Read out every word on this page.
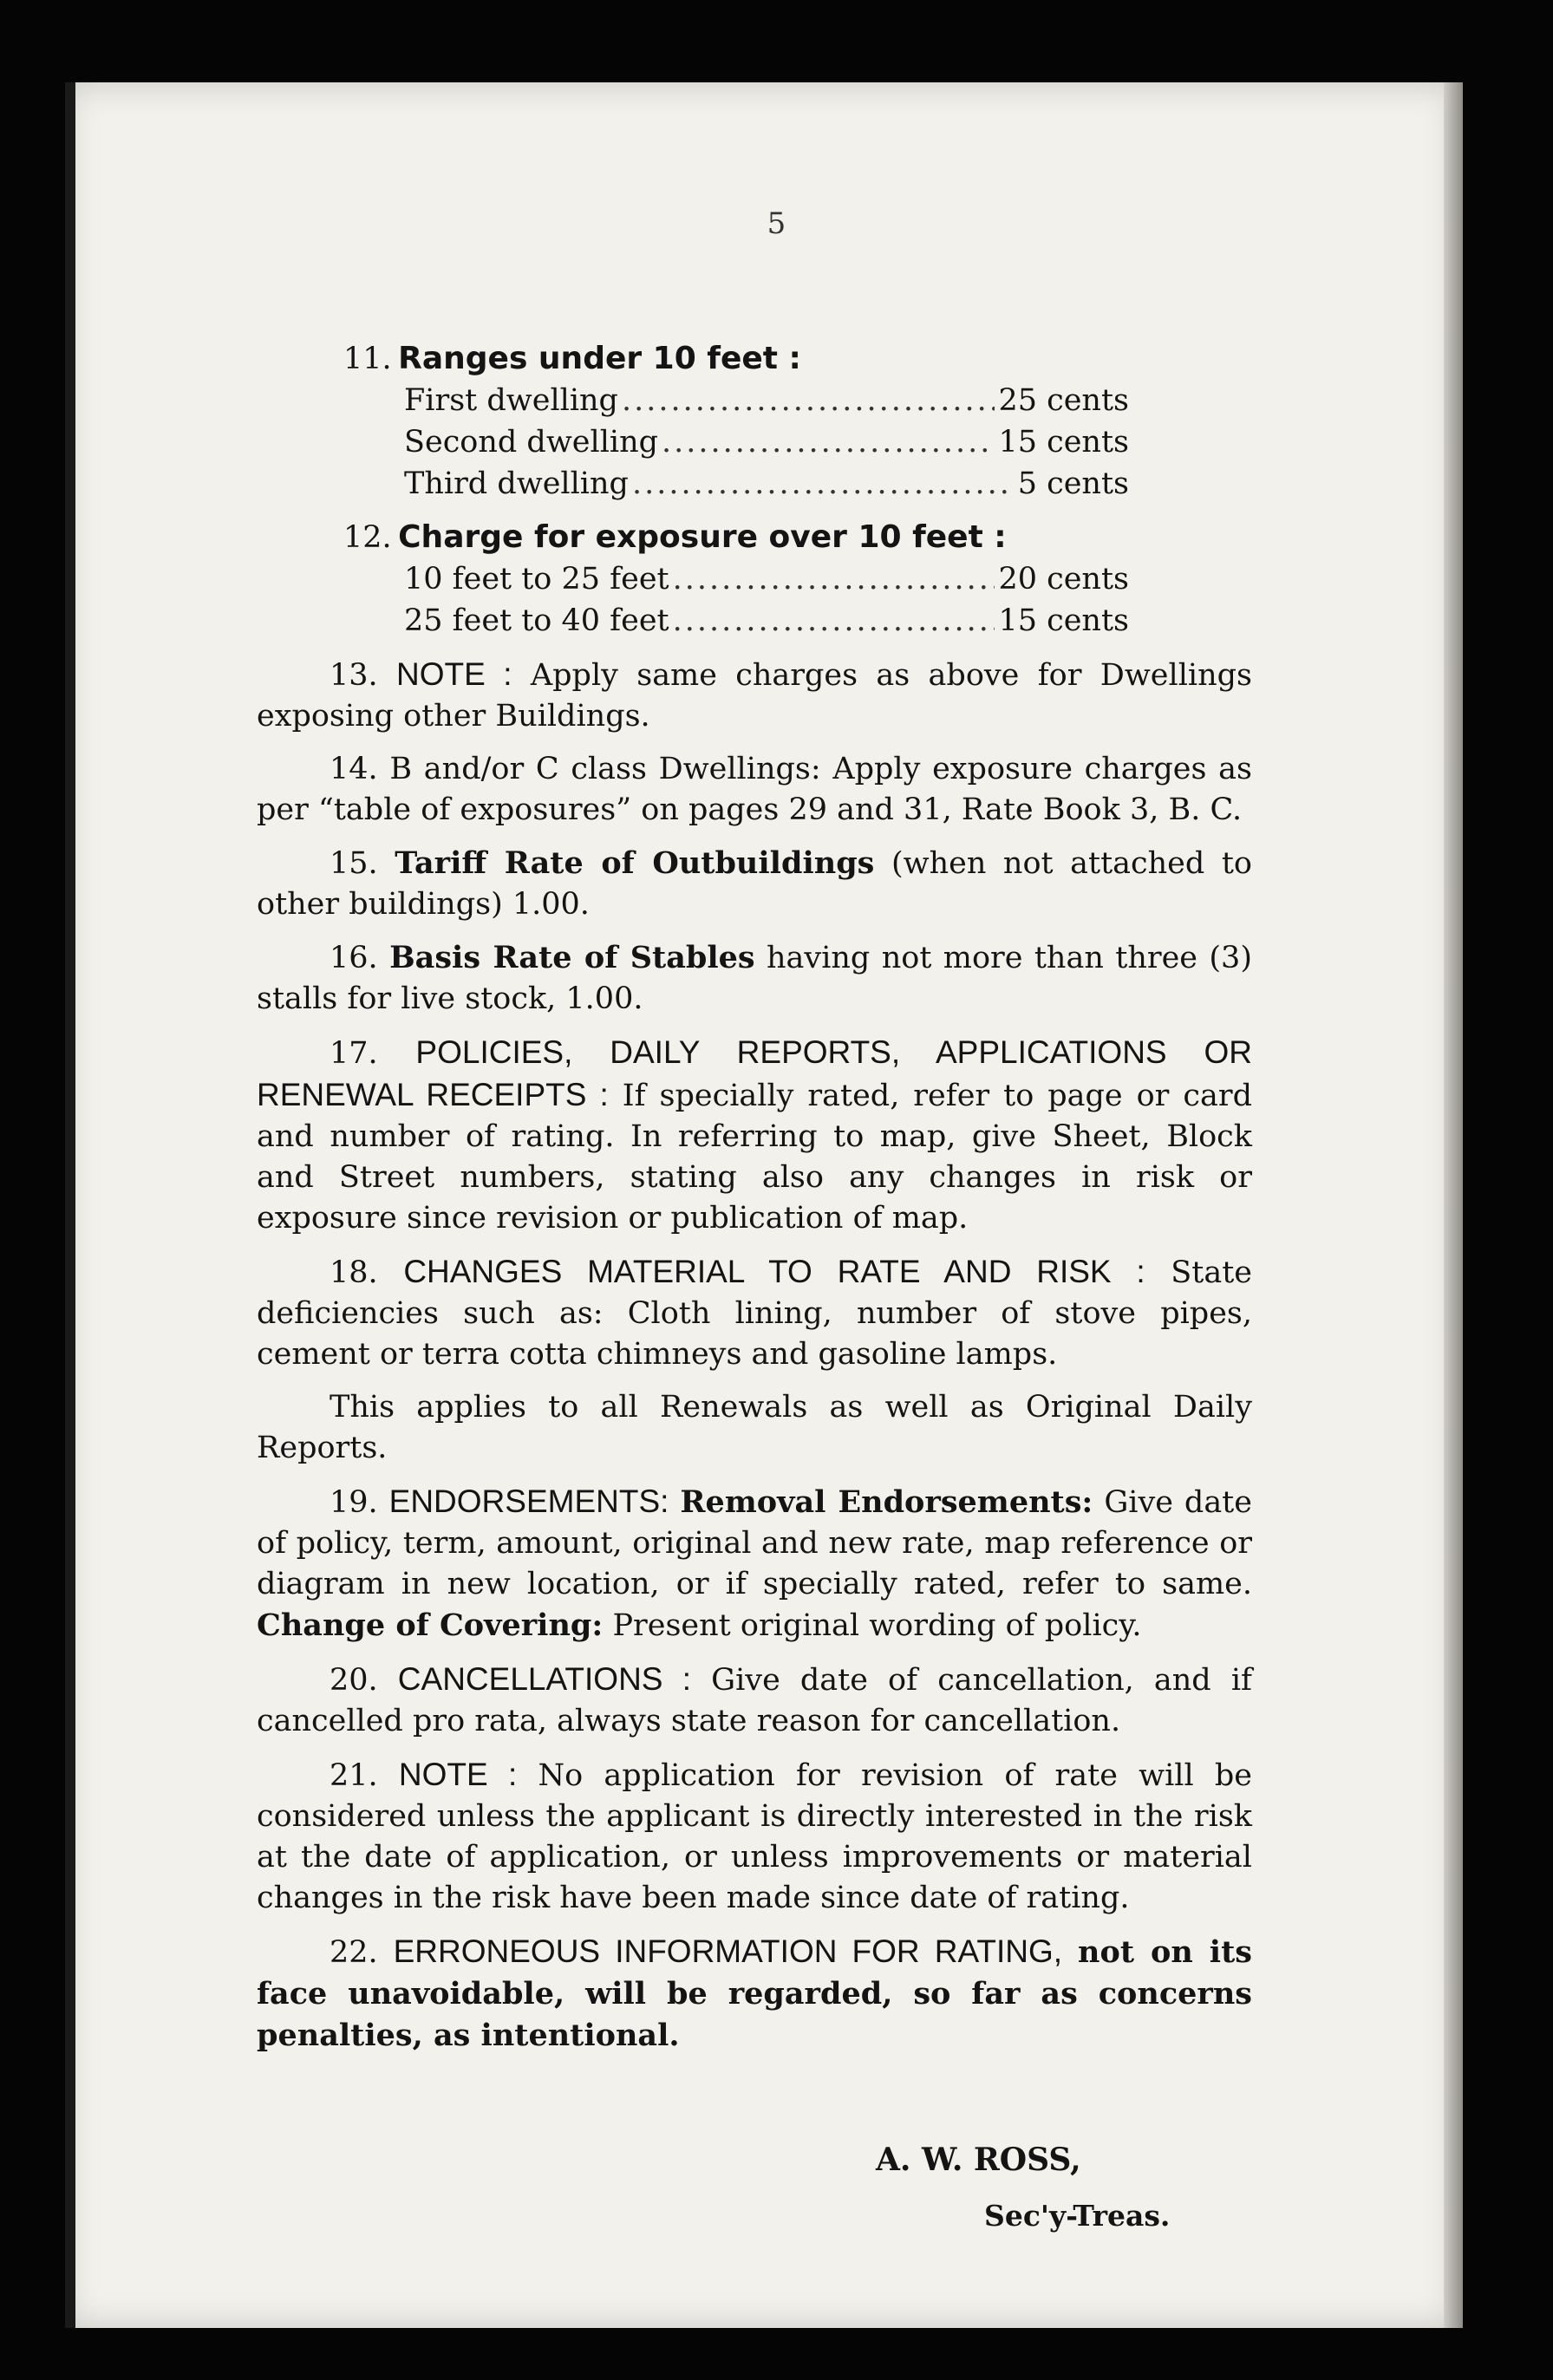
5
11. Ranges under 10 feet :
First dwelling .....	25 cents
Second dwelling .....	15 cents
Third dwelling .....	5 cents
12. Charge for exposure over 10 feet :
10 feet to 25 feet .....	20 cents
25 feet to 40 feet .....	15 cents
13. NOTE : Apply same charges as above for Dwellings exposing other Buildings.
14. B and/or C class Dwellings: Apply exposure charges as per “table of exposures” on pages 29 and 31, Rate Book 3, B. C.
15. Tariff Rate of Outbuildings (when not attached to other buildings) 1.00.
16. Basis Rate of Stables having not more than three (3) stalls for live stock, 1.00.
17. POLICIES, DAILY REPORTS, APPLICATIONS OR RENEWAL RECEIPTS : If specially rated, refer to page or card and number of rating. In referring to map, give Sheet, Block and Street numbers, stating also any changes in risk or exposure since revision or publication of map.
18. CHANGES MATERIAL TO RATE AND RISK : State deficiencies such as: Cloth lining, number of stove pipes, cement or terra cotta chimneys and gasoline lamps.
This applies to all Renewals as well as Original Daily Reports.
19. ENDORSEMENTS: Removal Endorsements: Give date of policy, term, amount, original and new rate, map reference or diagram in new location, or if specially rated, refer to same. Change of Covering: Present original wording of policy.
20. CANCELLATIONS : Give date of cancellation, and if cancelled pro rata, always state reason for cancellation.
21. NOTE : No application for revision of rate will be considered unless the applicant is directly interested in the risk at the date of application, or unless improvements or material changes in the risk have been made since date of rating.
22. ERRONEOUS INFORMATION FOR RATING, not on its face unavoidable, will be regarded, so far as concerns penalties, as intentional.
A. W. ROSS,
Sec'y-Treas.
